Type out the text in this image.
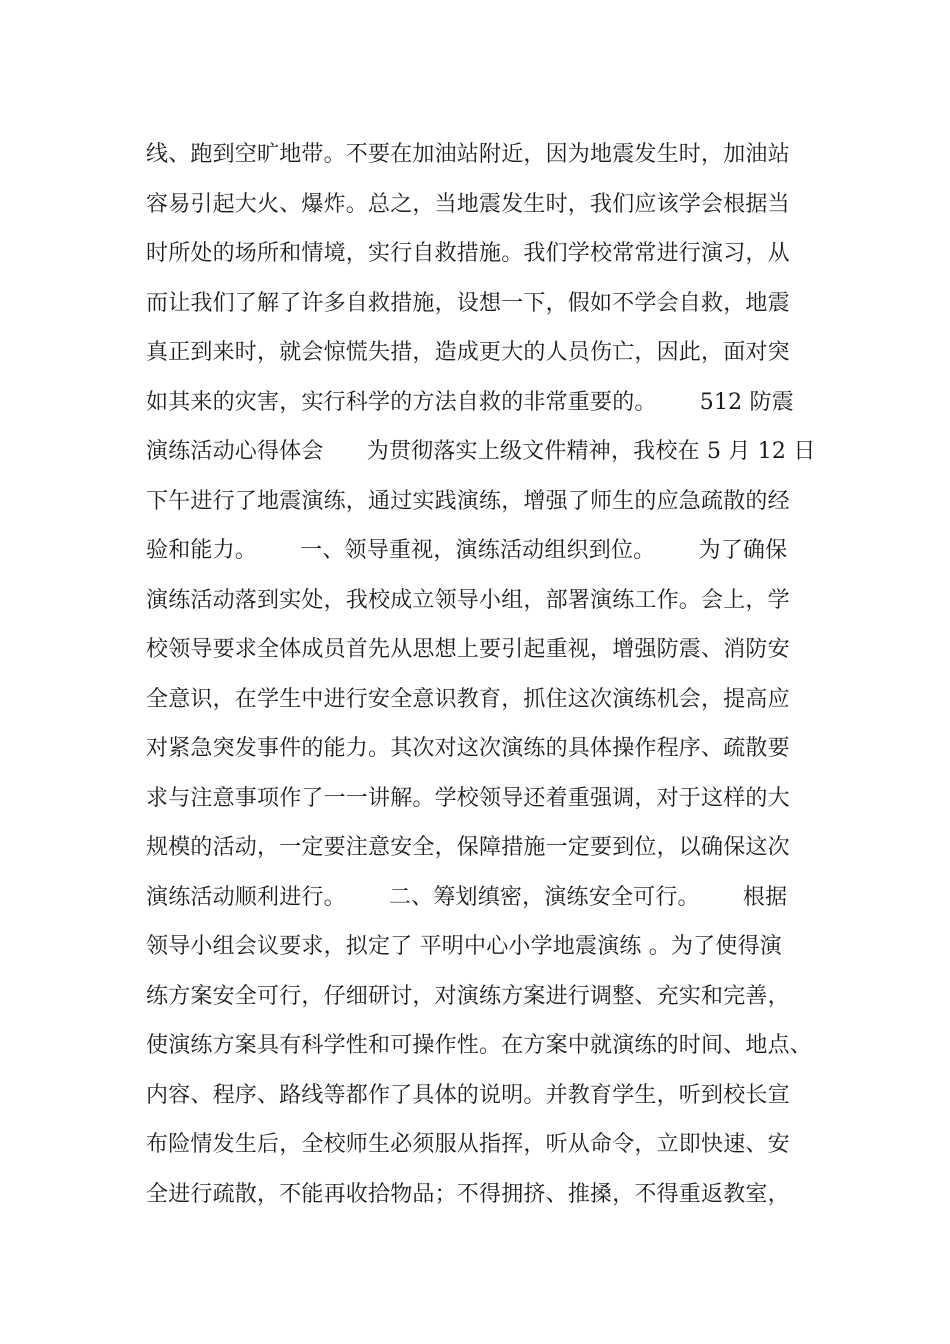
线、跑到空旷地带。不要在加油站附近，因为地震发生时，加油站
容易引起大火、爆炸。总之，当地震发生时，我们应该学会根据当
时所处的场所和情境，实行自救措施。我们学校常常进行演习，从
而让我们了解了许多自救措施，设想一下，假如不学会自救，地震
真正到来时，就会惊慌失措，造成更大的人员伤亡，因此，面对突
如其来的灾害，实行科学的方法自救的非常重要的。      512 防震
演练活动心得体会      为贯彻落实上级文件精神，我校在 5 月 12 日
下午进行了地震演练，通过实践演练，增强了师生的应急疏散的经
验和能力。      一、领导重视，演练活动组织到位。      为了确保
演练活动落到实处，我校成立领导小组，部署演练工作。会上，学
校领导要求全体成员首先从思想上要引起重视，增强防震、消防安
全意识，在学生中进行安全意识教育，抓住这次演练机会，提高应
对紧急突发事件的能力。其次对这次演练的具体操作程序、疏散要
求与注意事项作了一一讲解。学校领导还着重强调，对于这样的大
规模的活动，一定要注意安全，保障措施一定要到位，以确保这次
演练活动顺利进行。      二、筹划缜密，演练安全可行。      根据
领导小组会议要求，拟定了 平明中心小学地震演练 。为了使得演
练方案安全可行，仔细研讨，对演练方案进行调整、充实和完善，
使演练方案具有科学性和可操作性。在方案中就演练的时间、地点、
内容、程序、路线等都作了具体的说明。并教育学生，听到校长宣
布险情发生后，全校师生必须服从指挥，听从命令，立即快速、安
全进行疏散，不能再收拾物品；不得拥挤、推搡，不得重返教室，
